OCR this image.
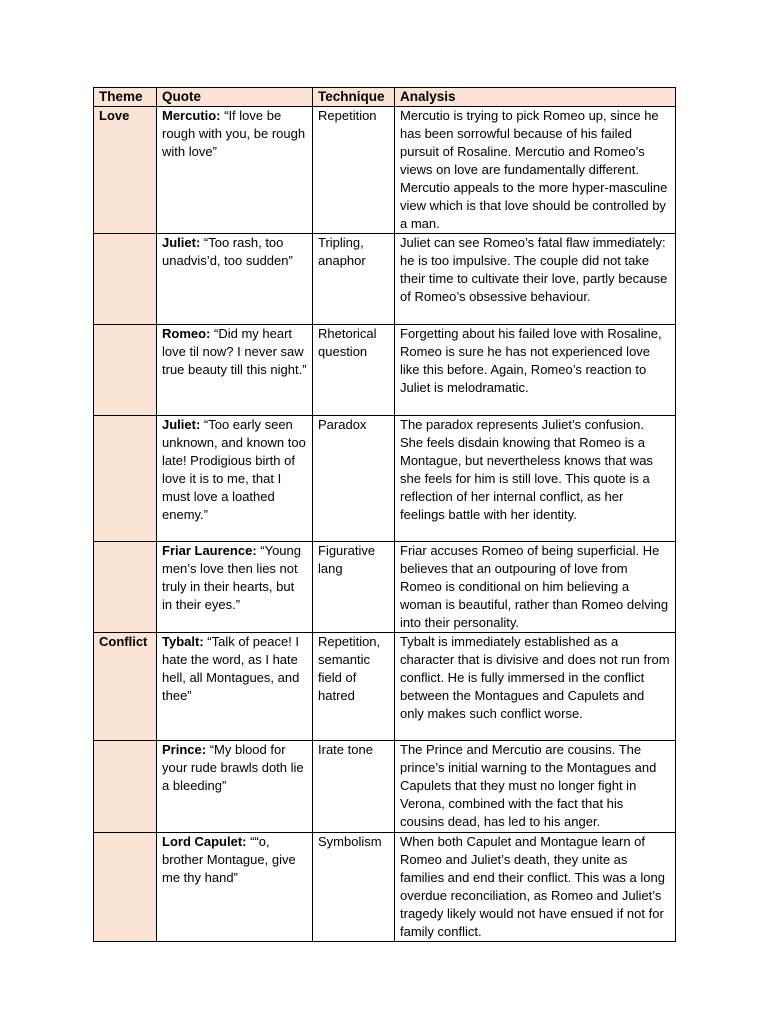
Theme	Quote	Technique	Analysis
Love	Mercutio: “If love be rough with you, be rough with love”	Repetition	Mercutio is trying to pick Romeo up, since he has been sorrowful because of his failed pursuit of Rosaline. Mercutio and Romeo’s views on love are fundamentally different. Mercutio appeals to the more hyper-masculine view which is that love should be controlled by a man.
	Juliet: “Too rash, too unadvis’d, too sudden”	Tripling, anaphor	Juliet can see Romeo’s fatal flaw immediately: he is too impulsive. The couple did not take their time to cultivate their love, partly because of Romeo’s obsessive behaviour.
	Romeo: “Did my heart love til now? I never saw true beauty till this night.”	Rhetorical question	Forgetting about his failed love with Rosaline, Romeo is sure he has not experienced love like this before. Again, Romeo’s reaction to Juliet is melodramatic.
	Juliet: “Too early seen unknown, and known too late! Prodigious birth of love it is to me, that I must love a loathed enemy.”	Paradox	The paradox represents Juliet’s confusion. She feels disdain knowing that Romeo is a Montague, but nevertheless knows that was she feels for him is still love. This quote is a reflection of her internal conflict, as her feelings battle with her identity.
	Friar Laurence: “Young men’s love then lies not truly in their hearts, but in their eyes.”	Figurative lang	Friar accuses Romeo of being superficial. He believes that an outpouring of love from Romeo is conditional on him believing a woman is beautiful, rather than Romeo delving into their personality.
Conflict	Tybalt: “Talk of peace! I hate the word, as I hate hell, all Montagues, and thee”	Repetition, semantic field of hatred	Tybalt is immediately established as a character that is divisive and does not run from conflict. He is fully immersed in the conflict between the Montagues and Capulets and only makes such conflict worse.
	Prince: “My blood for your rude brawls doth lie a bleeding”	Irate tone	The Prince and Mercutio are cousins. The prince’s initial warning to the Montagues and Capulets that they must no longer fight in Verona, combined with the fact that his cousins dead, has led to his anger.
	Lord Capulet: ““o, brother Montague, give me thy hand”	Symbolism	When both Capulet and Montague learn of Romeo and Juliet’s death, they unite as families and end their conflict. This was a long overdue reconciliation, as Romeo and Juliet’s tragedy likely would not have ensued if not for family conflict.
